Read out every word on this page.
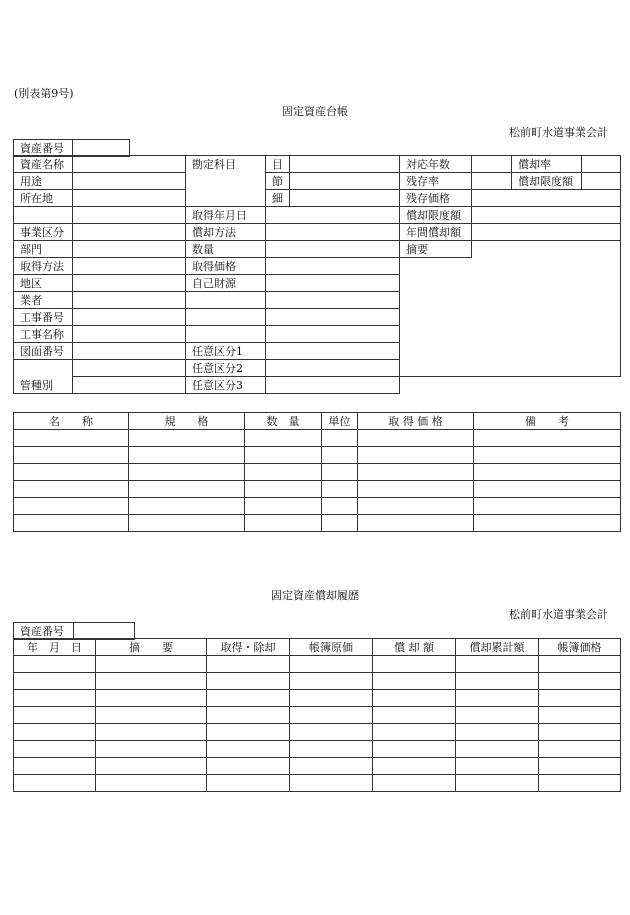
(別表第9号)
固定資産台帳
松前町水道事業会計
資産番号	
資産名称		勘定科目	目		対応年数		償却率	
用途			節		残存率		償却限度額	
所在地			細		残存価格			
		取得年月日			償却限度額			
事業区分		償却方法			年間償却額			
部門		数量			摘要			
取得方法		取得価格						
地区		自己財源						
業者								
工事番号								
工事名称								
図面番号		任意区分1						
管種別		任意区分2						
		任意区分3						
名　　称	規　　格	数　量	単位	取 得 価 格	備　　考

固定資産償却履歴
松前町水道事業会計
資産番号	
年　月　日	摘　　要	取得・除却	帳簿原価	償 却 額	償却累計額	帳簿価格
